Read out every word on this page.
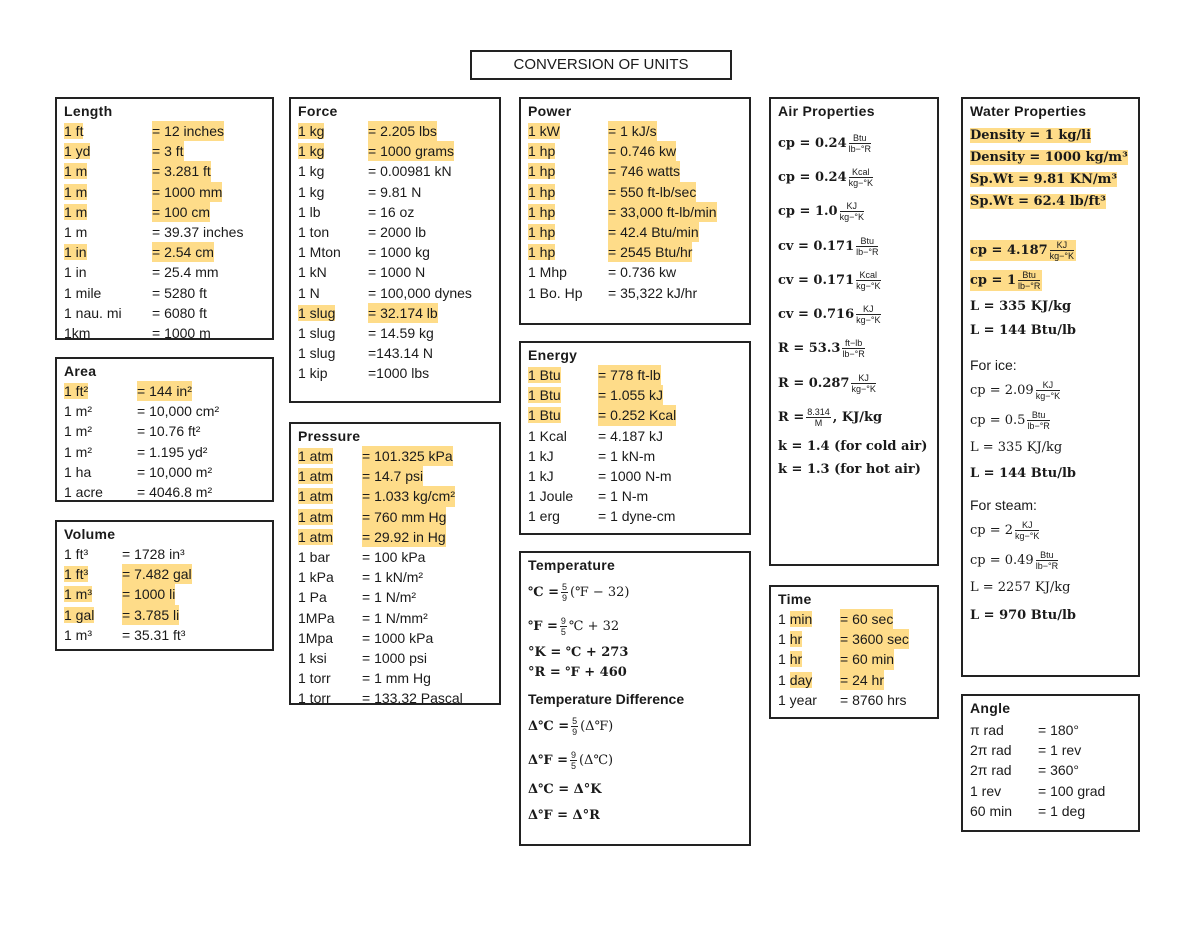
CONVERSION OF UNITS
Length
1 ft	= 12 inches
1 yd	= 3 ft
1 m	= 3.281 ft
1 m	= 1000 mm
1 m	= 100 cm
1 m	= 39.37 inches
1 in	= 2.54 cm
1 in	= 25.4 mm
1 mile	= 5280 ft
1 nau. mi	= 6080 ft
1km	= 1000 m
Area
1 ft²	= 144 in²
1 m²	= 10,000 cm²
1 m²	= 10.76 ft²
1 m²	= 1.195 yd²
1 ha	= 10,000 m²
1 acre	= 4046.8 m²
Volume
1 ft³	= 1728 in³
1 ft³	= 7.482 gal
1 m³	= 1000 li
1 gal	= 3.785 li
1 m³	= 35.31 ft³
Force
1 kg	= 2.205 lbs
1 kg	= 1000 grams
1 kg	= 0.00981 kN
1 kg	= 9.81 N
1 lb	= 16 oz
1 ton	= 2000 lb
1 Mton	= 1000 kg
1 kN	= 1000 N
1 N	= 100,000 dynes
1 slug	= 32.174 lb
1 slug	= 14.59 kg
1 slug	=143.14 N
1 kip	=1000 lbs
Pressure
1 atm	= 101.325 kPa
1 atm	= 14.7 psi
1 atm	= 1.033 kg/cm²
1 atm	= 760 mm Hg
1 atm	= 29.92 in Hg
1 bar	= 100 kPa
1 kPa	= 1 kN/m²
1 Pa	= 1 N/m²
1MPa	= 1 N/mm²
1Mpa	= 1000 kPa
1 ksi	= 1000 psi
1 torr	= 1 mm Hg
1 torr	= 133.32 Pascal
Power
1 kW	= 1 kJ/s
1 hp	= 0.746 kw
1 hp	= 746 watts
1 hp	= 550 ft-lb/sec
1 hp	= 33,000 ft-lb/min
1 hp	= 42.4 Btu/min
1 hp	= 2545 Btu/hr
1 Mhp	= 0.736 kw
1 Bo. Hp	= 35,322 kJ/hr
Energy
1 Btu	= 778 ft-lb
1 Btu	= 1.055 kJ
1 Btu	= 0.252 Kcal
1 Kcal	= 4.187 kJ
1 kJ	= 1 kN-m
1 kJ	= 1000 N-m
1 Joule	= 1 N-m
1 erg	= 1 dyne-cm
Temperature
℃ = $\frac{5}{9}$ (℉ − 32)
℉ = $\frac{9}{5}$ ℃ + 32
°K = ℃ + 273
°R = ℉ + 460
Temperature Difference
Δ℃ = $\frac{5}{9}$ (Δ℉)
Δ℉ = $\frac{9}{5}$ (Δ℃)
Δ℃ = Δ°K
Δ℉ = Δ°R
Air Properties
cp = 0.24 Btu
lb−°R
cp = 0.24 Kcal
kg−°K
cp = 1.0 KJ
kg−°K
cv = 0.171 Btu
lb−°R
cv = 0.171 Kcal
kg−°K
cv = 0.716 KJ
kg−°K
R = 53.3 ft−lb
lb−°R
R = 0.287 KJ
kg−°K
$R = \frac{8.314}{M}$ , KJ/kg
k = 1.4 (for cold air)
k = 1.3 (for hot air)
Time
1 min	= 60 sec
1 hr	= 3600 sec
1 hr	= 60 min
1 day	= 24 hr
1 year	= 8760 hrs
Water Properties
Density = 1 kg/li
Density = 1000 kg/m³
Sp.Wt = 9.81 KN/m³
Sp.Wt = 62.4 lb/ft³
cp = 4.187 KJ
kg−°K
cp = 1 Btu
lb−°R
L = 335 KJ/kg
L = 144 Btu/lb
For ice:
cp = 2.09 KJ
kg−°K
cp = 0.5 Btu
lb−°R
L = 335 KJ/kg
L = 144 Btu/lb
For steam:
cp = 2 KJ
kg−°K
cp = 0.49 Btu
lb−°R
L = 2257 KJ/kg
L = 970 Btu/lb
Angle
π rad	= 180°
2π rad	= 1 rev
2π rad	= 360°
1 rev	= 100 grad
60 min	= 1 deg
